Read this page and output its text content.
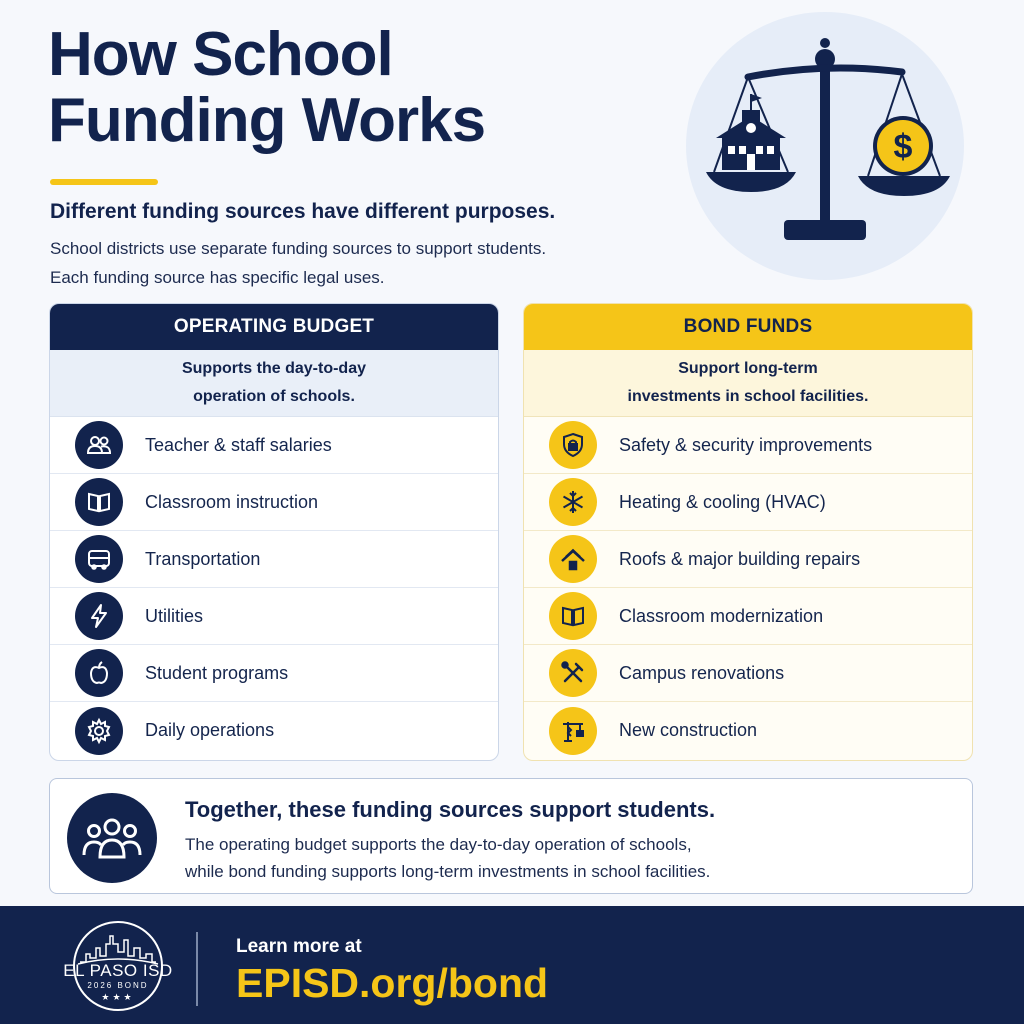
How School
Funding Works
Different funding sources have different purposes.
School districts use separate funding sources to support students.
Each funding source has specific legal uses.
$
OPERATING BUDGET
Supports the day-to-day
operation of schools.
Teacher & staff salaries
Classroom instruction
Transportation
Utilities
Student programs
Daily operations
BOND FUNDS
Support long-term
investments in school facilities.
Safety & security improvements
Heating & cooling (HVAC)
Roofs & major building repairs
Classroom modernization
Campus renovations
New construction
Together, these funding sources support students.
The operating budget supports the day-to-day operation of schools,
while bond funding supports long-term investments in school facilities.
EL PASO ISD
2026 BOND
★★★
Learn more at
EPISD.org/bond
